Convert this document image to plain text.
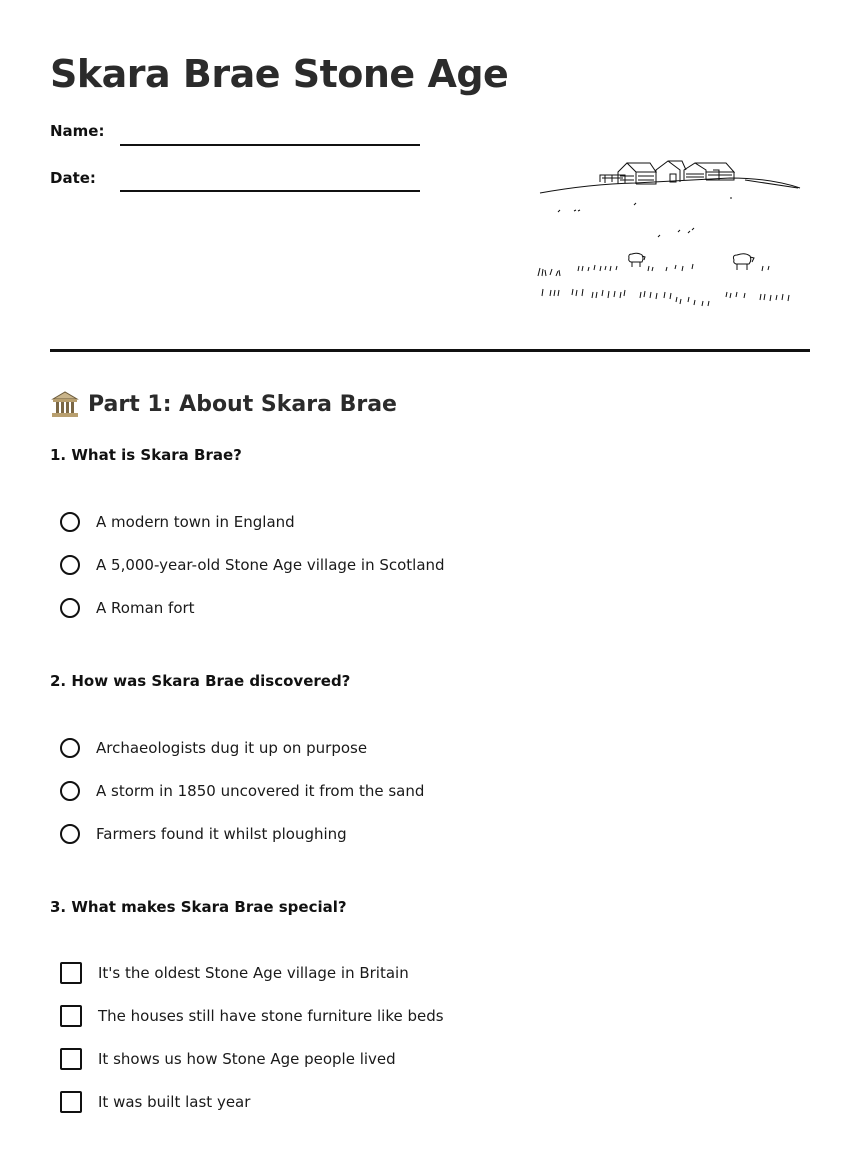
Skara Brae Stone Age
Name:
Date:
Part 1: About Skara Brae
1. What is Skara Brae?
A modern town in England
A 5,000-year-old Stone Age village in Scotland
A Roman fort
2. How was Skara Brae discovered?
Archaeologists dug it up on purpose
A storm in 1850 uncovered it from the sand
Farmers found it whilst ploughing
3. What makes Skara Brae special?
It's the oldest Stone Age village in Britain
The houses still have stone furniture like beds
It shows us how Stone Age people lived
It was built last year
